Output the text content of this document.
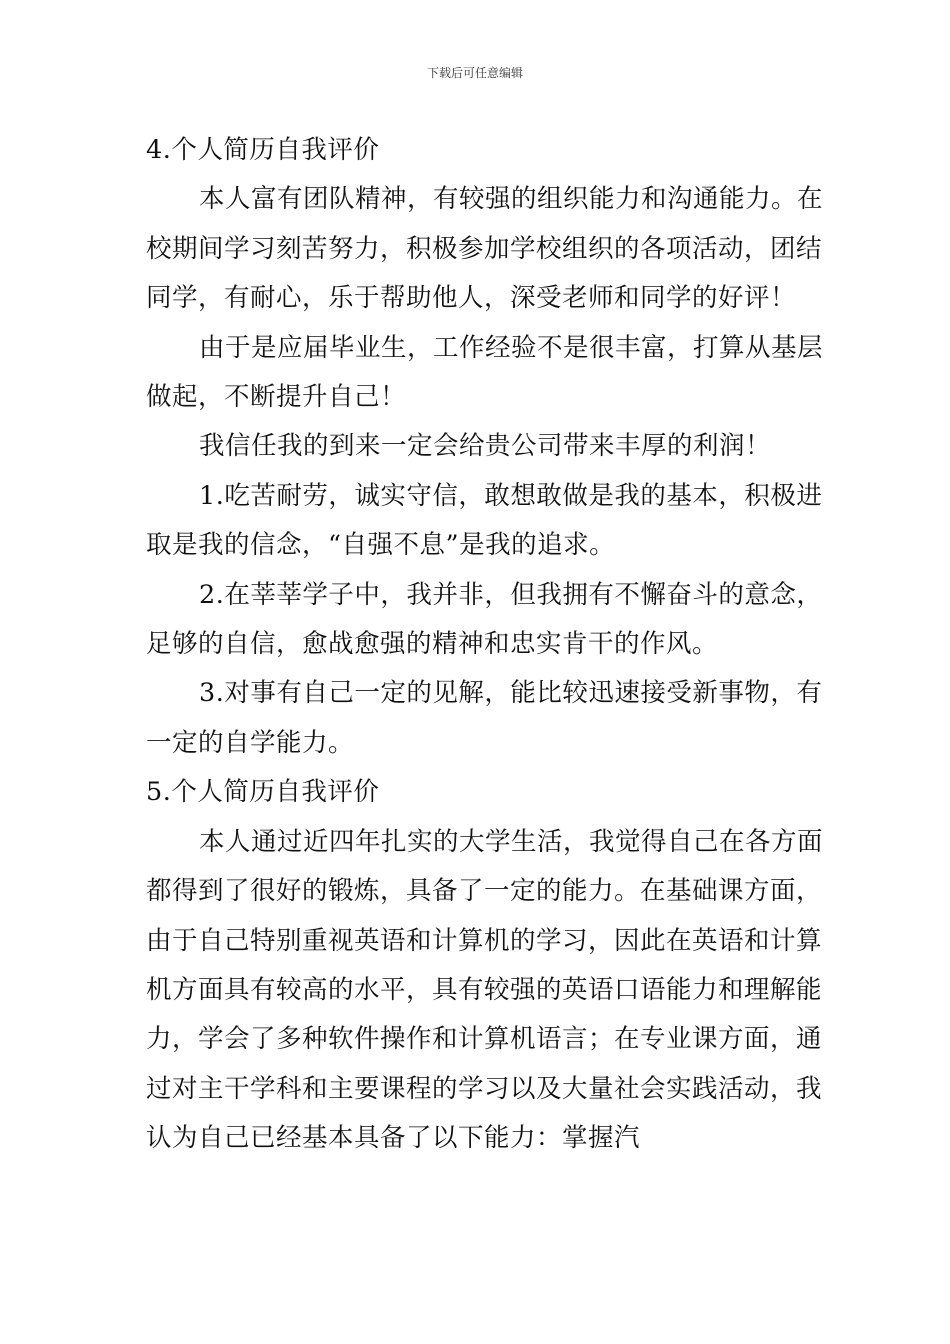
下载后可任意编辑

4.个人简历自我评价

本人富有团队精神，有较强的组织能力和沟通能力。在校期间学习刻苦努力，积极参加学校组织的各项活动，团结同学，有耐心，乐于帮助他人，深受老师和同学的好评！

由于是应届毕业生，工作经验不是很丰富，打算从基层做起，不断提升自己！

我信任我的到来一定会给贵公司带来丰厚的利润！

1.吃苦耐劳，诚实守信，敢想敢做是我的基本，积极进取是我的信念，“自强不息”是我的追求。

2.在莘莘学子中，我并非，但我拥有不懈奋斗的意念，足够的自信，愈战愈强的精神和忠实肯干的作风。

3.对事有自己一定的见解，能比较迅速接受新事物，有一定的自学能力。

5.个人简历自我评价

本人通过近四年扎实的大学生活，我觉得自己在各方面都得到了很好的锻炼，具备了一定的能力。在基础课方面，由于自己特别重视英语和计算机的学习，因此在英语和计算机方面具有较高的水平，具有较强的英语口语能力和理解能力，学会了多种软件操作和计算机语言；在专业课方面，通过对主干学科和主要课程的学习以及大量社会实践活动，我认为自己已经基本具备了以下能力：掌握汽
